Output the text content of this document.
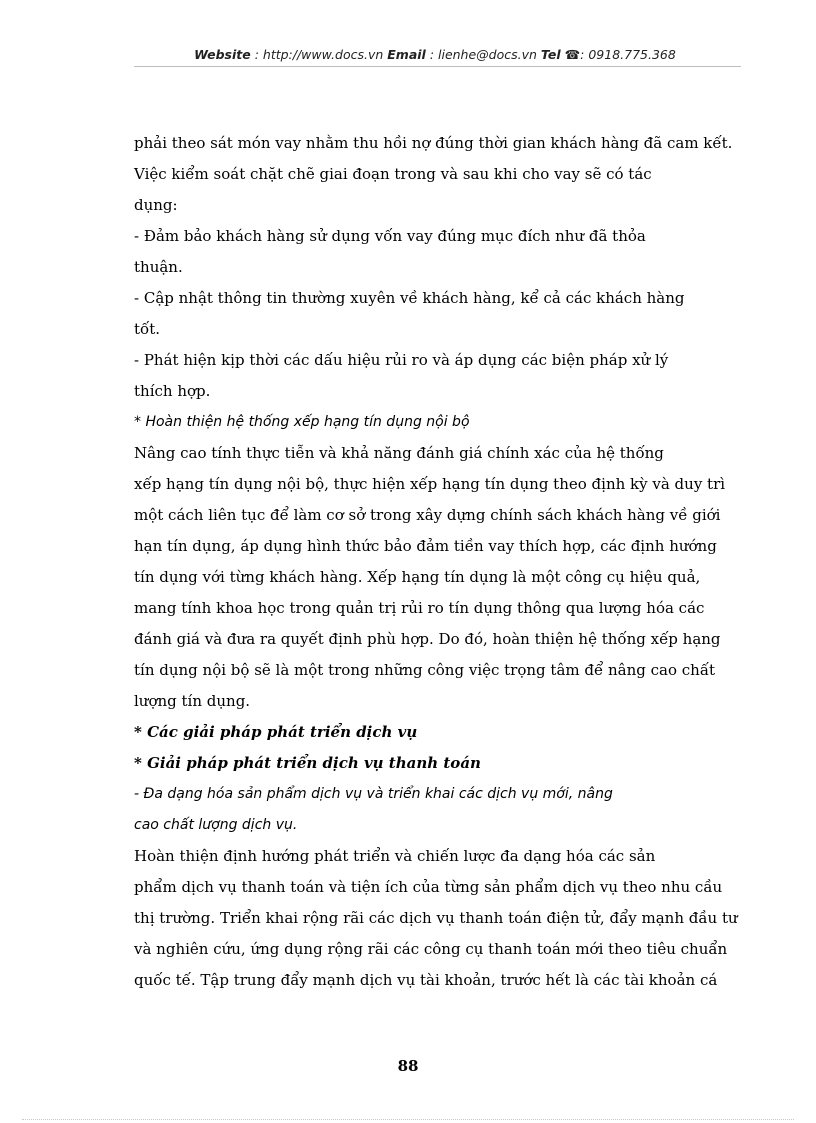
Website : http://www.docs.vn Email : lienhe@docs.vn Tel ☎: 0918.775.368
phải theo sát món vay nhằm thu hồi nợ đúng thời gian khách hàng đã cam kết.
Việc kiểm soát chặt chẽ giai đoạn trong và sau khi cho vay sẽ có tác
dụng:
- Đảm bảo khách hàng sử dụng vốn vay đúng mục đích như đã thỏa
thuận.
- Cập nhật thông tin thường xuyên về khách hàng, kể cả các khách hàng
tốt.
- Phát hiện kịp thời các dấu hiệu rủi ro và áp dụng các biện pháp xử lý
thích hợp.
* Hoàn thiện hệ thống xếp hạng tín dụng nội bộ
Nâng cao tính thực tiễn và khả năng đánh giá chính xác của hệ thống
xếp hạng tín dụng nội bộ, thực hiện xếp hạng tín dụng theo định kỳ và duy trì
một cách liên tục để làm cơ sở trong xây dựng chính sách khách hàng về giới
hạn tín dụng, áp dụng hình thức bảo đảm tiền vay thích hợp, các định hướng
tín dụng với từng khách hàng. Xếp hạng tín dụng là một công cụ hiệu quả,
mang tính khoa học trong quản trị rủi ro tín dụng thông qua lượng hóa các
đánh giá và đưa ra quyết định phù hợp. Do đó, hoàn thiện hệ thống xếp hạng
tín dụng nội bộ sẽ là một trong những công việc trọng tâm để nâng cao chất
lượng tín dụng.
* Các giải pháp phát triển dịch vụ
* Giải pháp phát triển dịch vụ thanh toán
- Đa dạng hóa sản phẩm dịch vụ và triển khai các dịch vụ mới, nâng
cao chất lượng dịch vụ.
Hoàn thiện định hướng phát triển và chiến lược đa dạng hóa các sản
phẩm dịch vụ thanh toán và tiện ích của từng sản phẩm dịch vụ theo nhu cầu
thị trường. Triển khai rộng rãi các dịch vụ thanh toán điện tử, đẩy mạnh đầu tư
và nghiên cứu, ứng dụng rộng rãi các công cụ thanh toán mới theo tiêu chuẩn
quốc tế. Tập trung đẩy mạnh dịch vụ tài khoản, trước hết là các tài khoản cá
88
